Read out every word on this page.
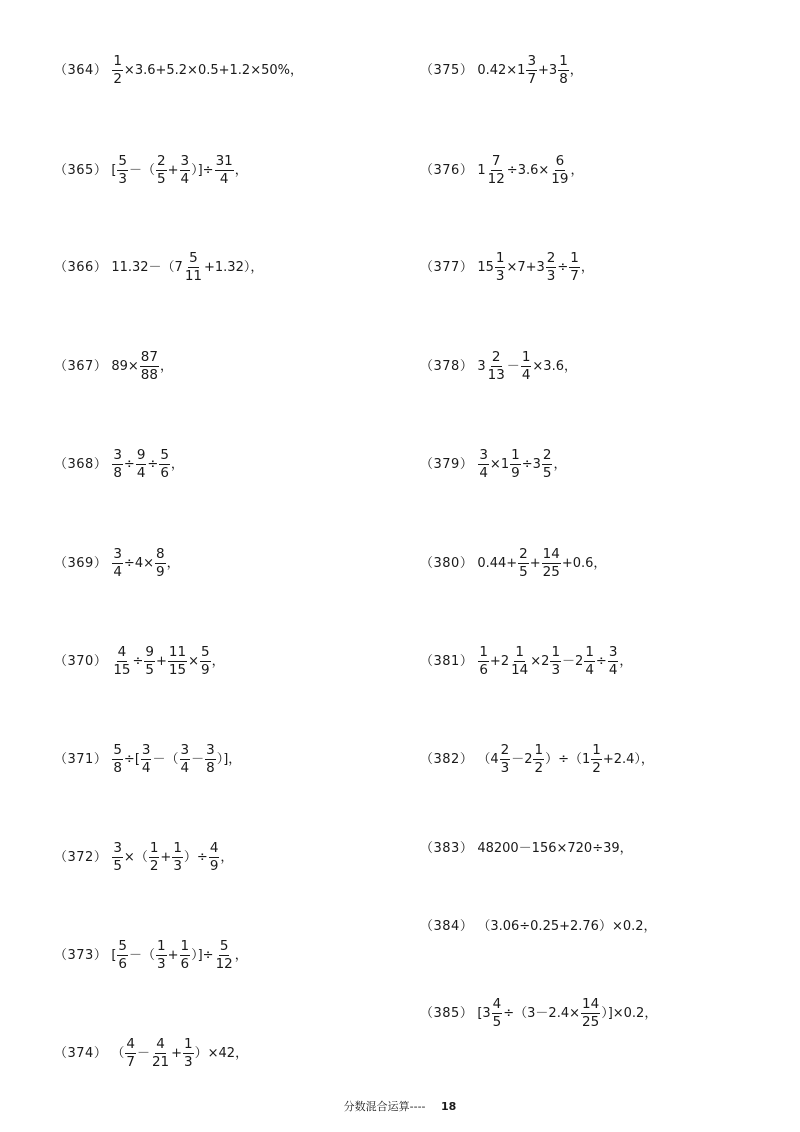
$(364) \frac{1}{2} \times 3.6+5.2\times 0.5+1.2\times 50\%$，
（365） [ $\frac{5}{3}$ －（ $\frac{2}{5} + \frac{3}{4}$ ）]÷ $\frac{31}{4}$ ，
（366） $11.32-(7 \frac{5}{11} +1.32)$，
（367） $89\times \frac{87}{88}$ ，
$(368) \frac{3}{8} \div \frac{9}{4} \div \frac{5}{6}$ ，
$(369) \frac{3}{4} \div 4\times \frac{8}{9}$ ，
$(370) \frac{4}{15} \div \frac{9}{5} + \frac{11}{15} \times \frac{5}{9}$ ，
$(371) \frac{5}{8}$ ÷[ $\frac{3}{4}$ －（ $\frac{3}{4} - \frac{3}{8}$ ）]，
$(372) \frac{3}{5}$ ×（ $\frac{1}{2} + \frac{1}{3}$ ）÷ $\frac{4}{9}$ ，
（373） [ $\frac{5}{6}$ －（ $\frac{1}{3} + \frac{1}{6}$ ）]÷ $\frac{5}{12}$ ，
（374） （ $\frac{4}{7} - \frac{4}{21} + \frac{1}{3} )\times 42$，
（375） $0.42\times 1 \frac{3}{7} +3 \frac{1}{8}$ ，
（376） $1 \frac{7}{12} \div 3.6\times \frac{6}{19}$ ，
（377） $15 \frac{1}{3} \times 7+3 \frac{2}{3} \div \frac{1}{7}$ ，
（378） $3 \frac{2}{13} - \frac{1}{4} \times 3.6$，
$(379) \frac{3}{4} \times 1 \frac{1}{9} \div 3 \frac{2}{5}$ ，
（380） $0.44+ \frac{2}{5} + \frac{14}{25} +0.6$，
$(381) \frac{1}{6} +2 \frac{1}{14} \times 2 \frac{1}{3} -2 \frac{1}{4} \div \frac{3}{4}$ ，
（382） $(4 \frac{2}{3} -2 \frac{1}{2} )\div(1 \frac{1}{2} +2.4)$，
（383） 48200－156×720÷39，
（384） （3.06÷0.25+2.76）×0.2，
（385） $[3 \frac{4}{5} \div(3-2.4\times \frac{14}{25} )]\times 0.2$，
分数混合运算---- 18
